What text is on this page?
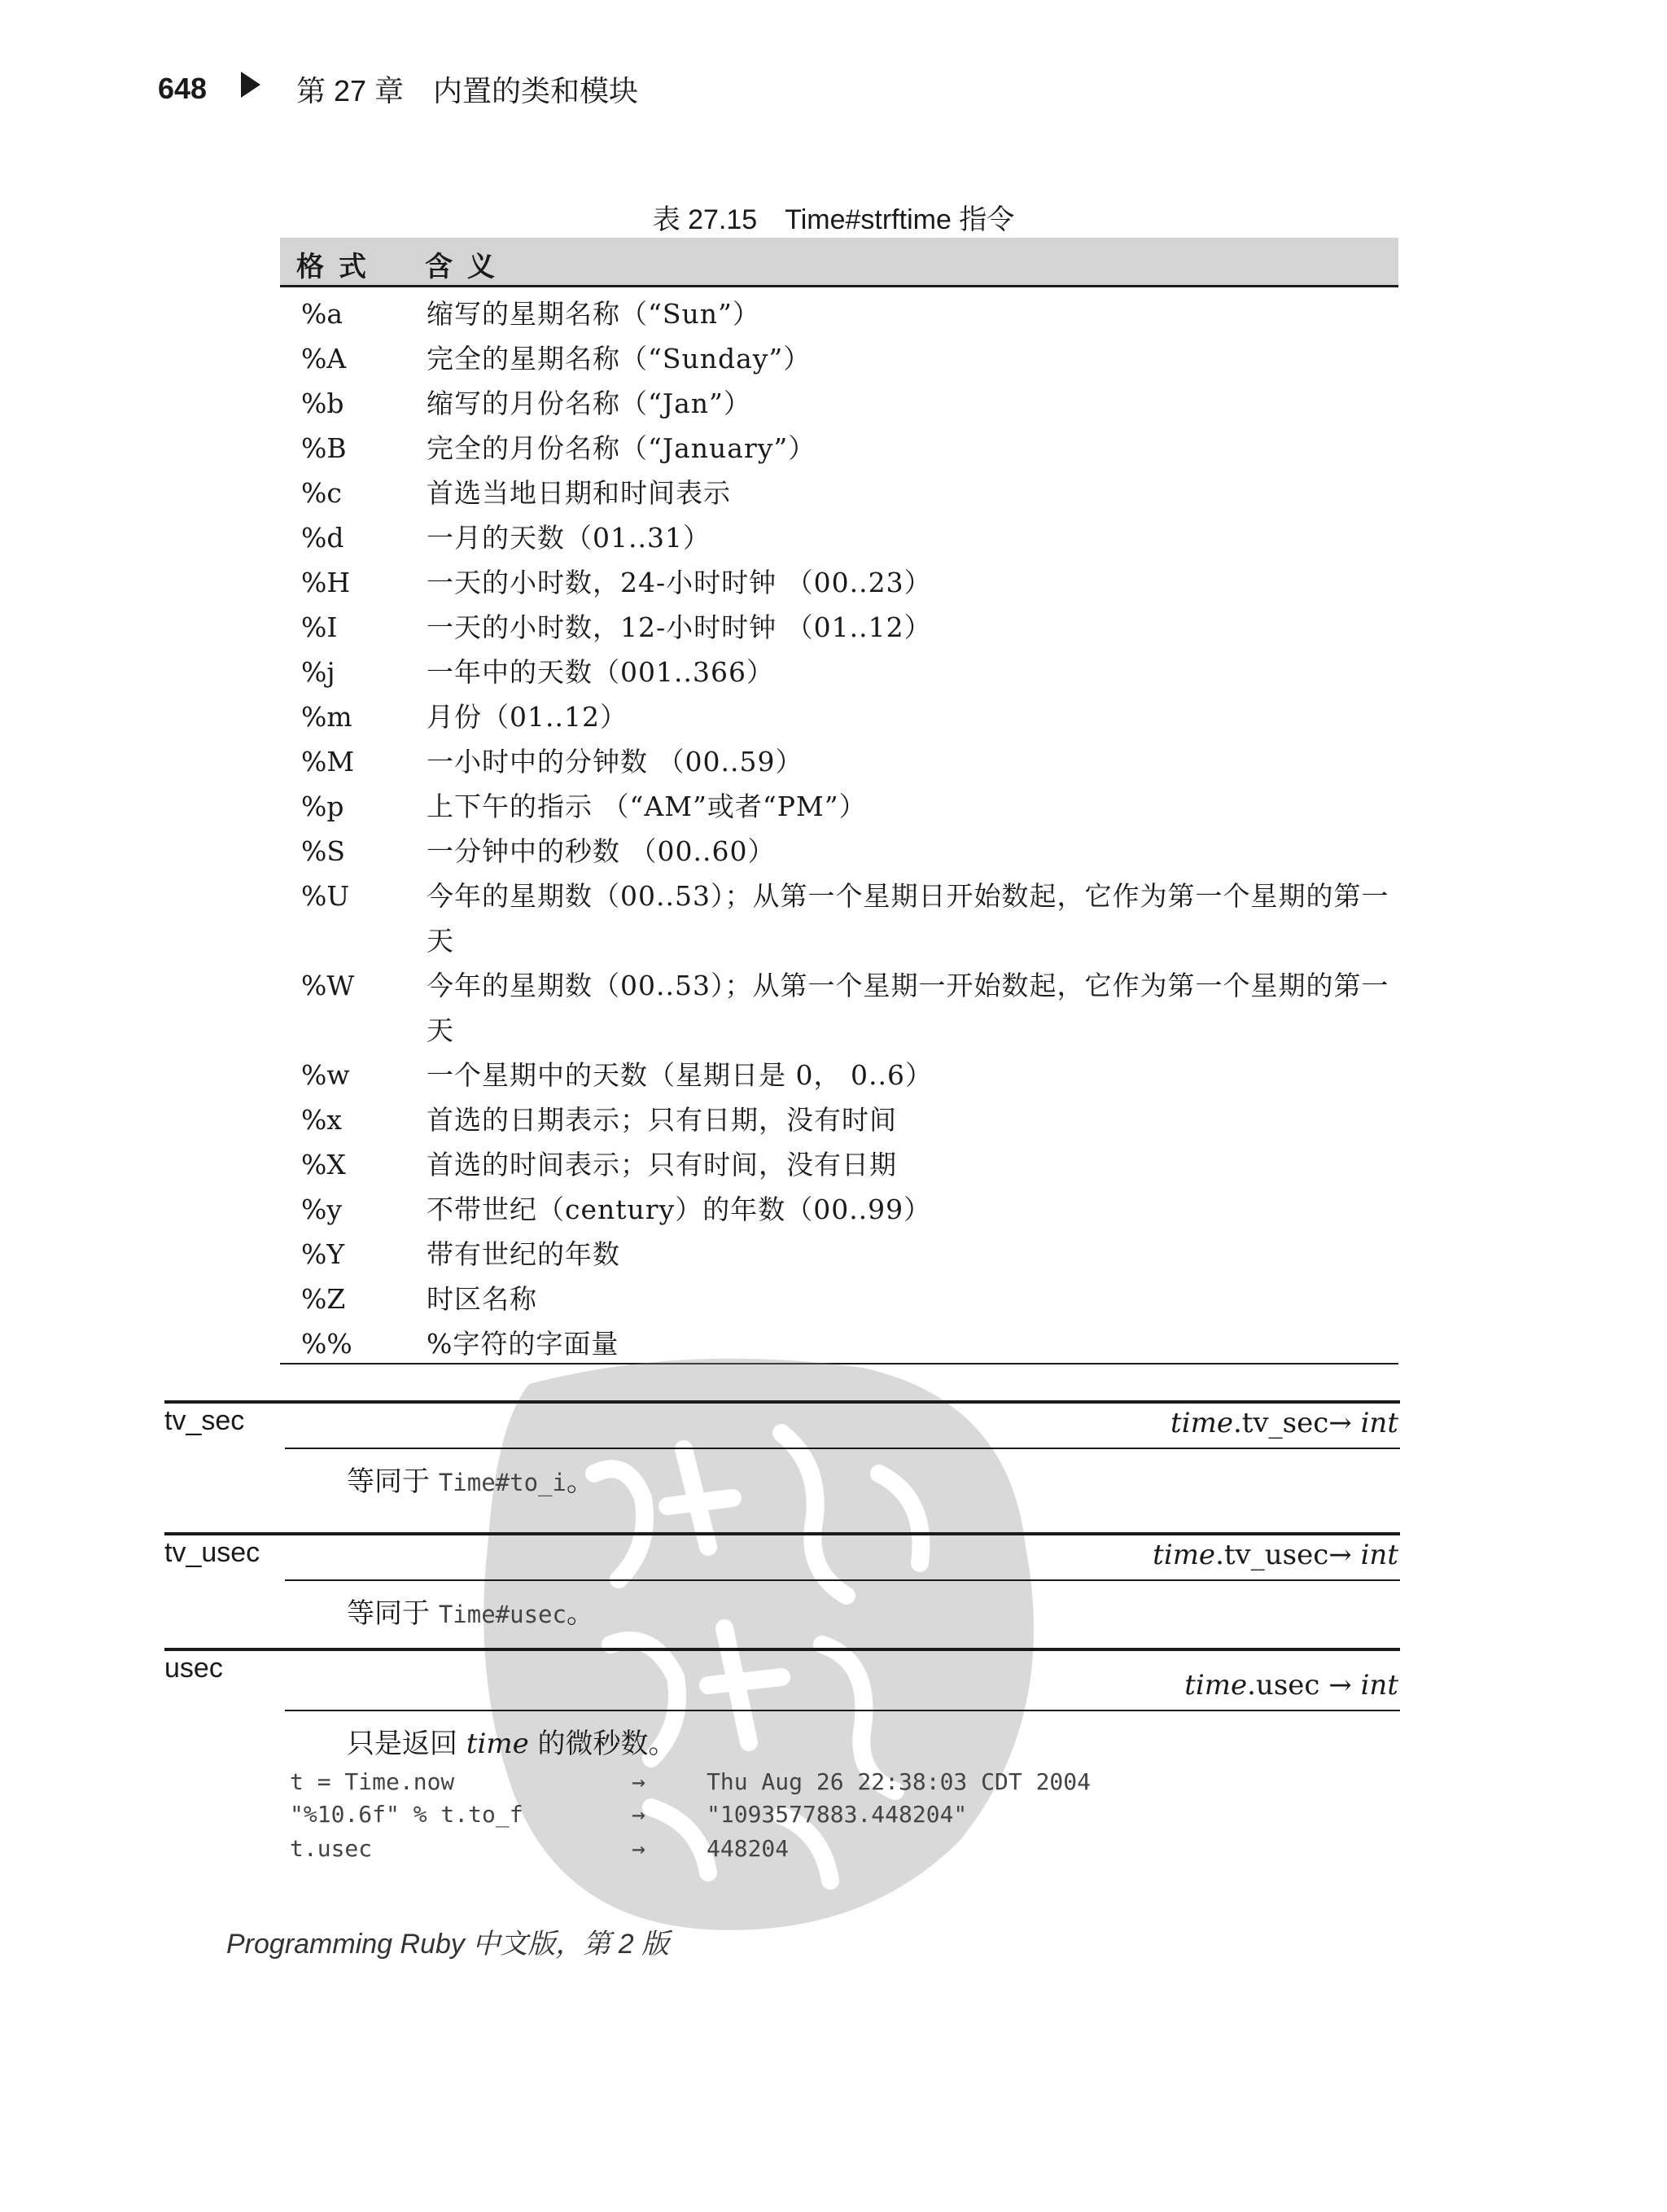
648	第 27 章　内置的类和模块
表 27.15　Time#strftime 指令
格式 含义
%a	缩写的星期名称（“Sun”）
%A	完全的星期名称（“Sunday”）
%b	缩写的月份名称（“Jan”）
%B	完全的月份名称（“January”）
%c	首选当地日期和时间表示
%d	一月的天数（01..31）
%H	一天的小时数，24-小时时钟 （00..23）
%I	一天的小时数，12-小时时钟 （01..12）
%j	一年中的天数（001..366）
%m	月份（01..12）
%M	一小时中的分钟数 （00..59）
%p	上下午的指示 （“AM”或者“PM”）
%S	一分钟中的秒数 （00..60）
%U	今年的星期数（00..53）；从第一个星期日开始数起，它作为第一个星期的第一天
%W	今年的星期数（00..53）；从第一个星期一开始数起，它作为第一个星期的第一天
%w	一个星期中的天数（星期日是 0， 0..6）
%x	首选的日期表示；只有日期，没有时间
%X	首选的时间表示；只有时间，没有日期
%y	不带世纪（century）的年数（00..99）
%Y	带有世纪的年数
%Z	时区名称
%%	%字符的字面量
tv_sec	time.tv_sec→ int
等同于 Time#to_i。
tv_usec	time.tv_usec→ int
等同于 Time#usec。
usec
time.usec → int
只是返回 time 的微秒数。
t = Time.now	→	Thu Aug 26 22:38:03 CDT 2004
"%10.6f" % t.to_f	→	"1093577883.448204"
t.usec	→	448204
Programming Ruby 中文版，第 2 版
